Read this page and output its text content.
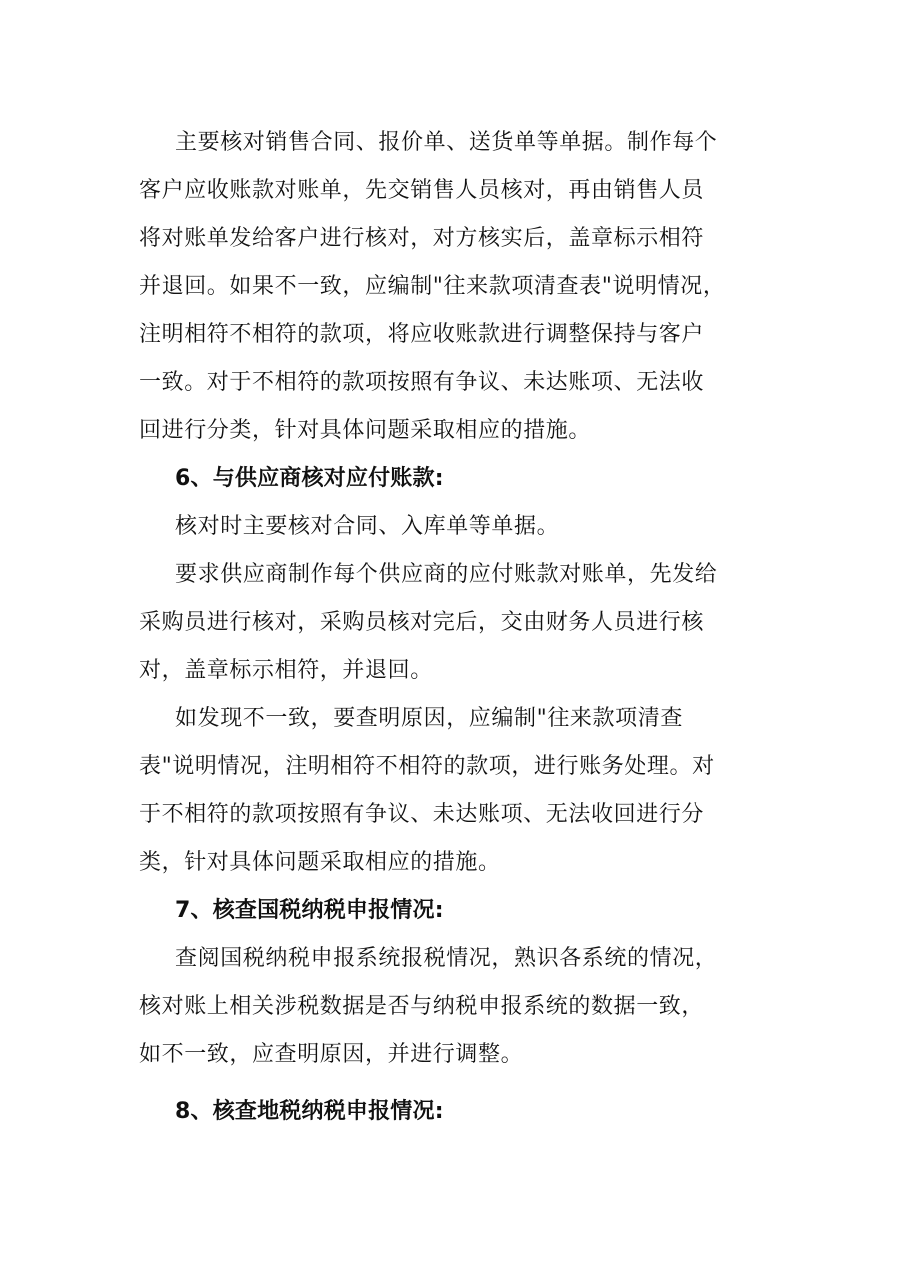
主要核对销售合同、报价单、送货单等单据。制作每个
客户应收账款对账单，先交销售人员核对，再由销售人员
将对账单发给客户进行核对，对方核实后，盖章标示相符
并退回。如果不一致，应编制"往来款项清查表"说明情况，
注明相符不相符的款项，将应收账款进行调整保持与客户
一致。对于不相符的款项按照有争议、未达账项、无法收
回进行分类，针对具体问题采取相应的措施。
6、与供应商核对应付账款:
核对时主要核对合同、入库单等单据。
要求供应商制作每个供应商的应付账款对账单，先发给
采购员进行核对，采购员核对完后，交由财务人员进行核
对，盖章标示相符，并退回。
如发现不一致，要查明原因，应编制"往来款项清查
表"说明情况，注明相符不相符的款项，进行账务处理。对
于不相符的款项按照有争议、未达账项、无法收回进行分
类，针对具体问题采取相应的措施。
7、核查国税纳税申报情况:
查阅国税纳税申报系统报税情况，熟识各系统的情况，
核对账上相关涉税数据是否与纳税申报系统的数据一致，
如不一致，应查明原因，并进行调整。
8、核查地税纳税申报情况:
